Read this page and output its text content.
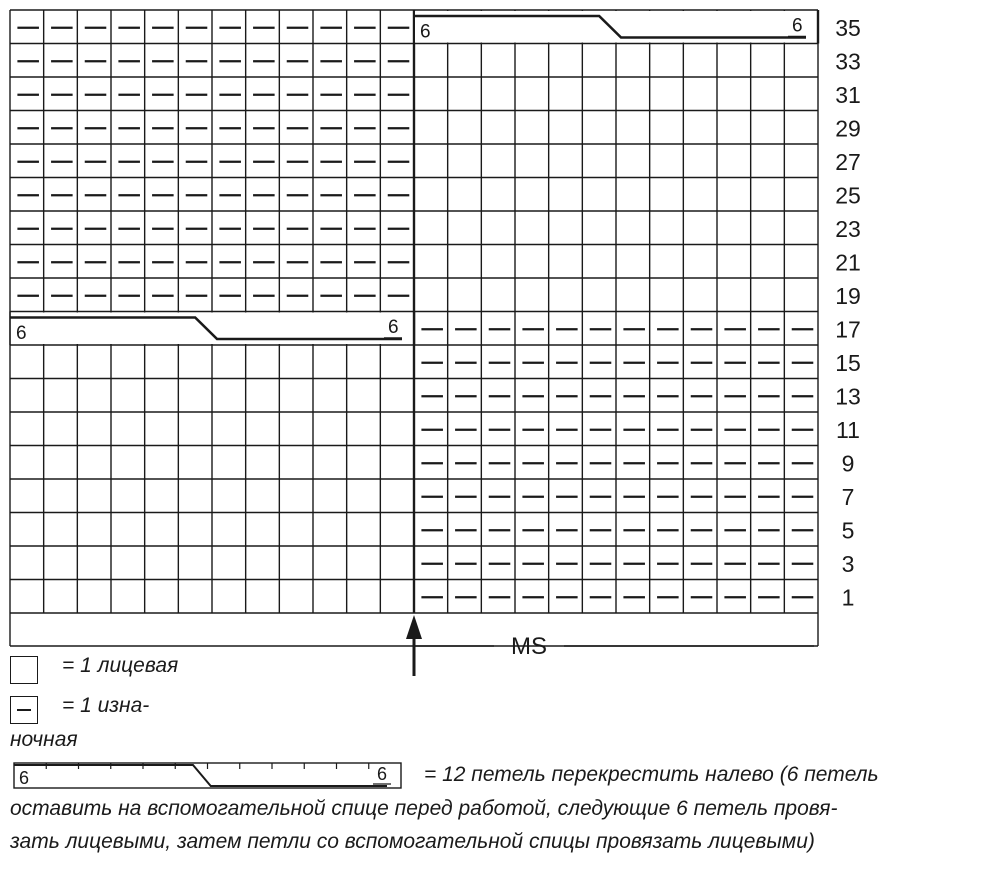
6	6
6	6
35
33
31
29
27
25
23
21
19
17
15
13
11
9
7
5
3
1
MS
6	6
= 1 лицевая
= 1 изна-
ночная
= 12 петель перекрестить налево (6 петель
оставить на вспомогательной спице перед работой, следующие 6 петель провя-
зать лицевыми, затем петли со вспомогательной спицы провязать лицевыми)
